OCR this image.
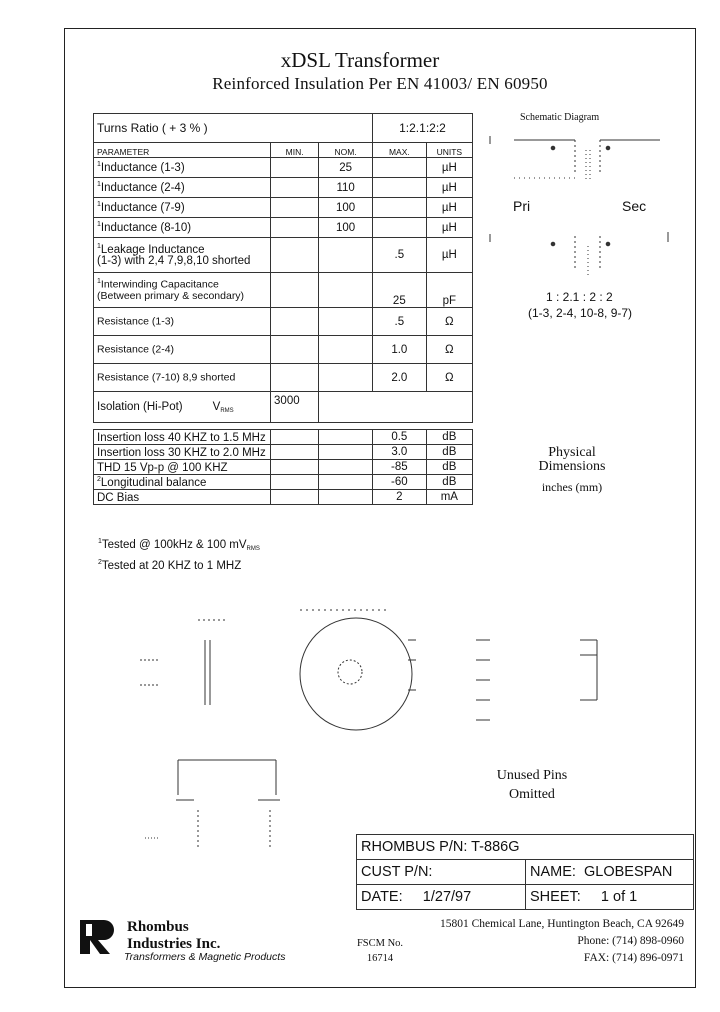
xDSL Transformer
Reinforced Insulation Per EN 41003/ EN 60950
Turns Ratio ( + 3 % )			1:2.1:2:2	
PARAMETER	MIN.	NOM.	MAX.	UNITS
$^1$Inductance (1-3)		25		µH
$^1$Inductance (2-4)		110		µH
$^1$Inductance (7-9)		100		µH
$^1$Inductance (8-10)		100		µH
$^1$Leakage Inductance
(1-3) with 2,4 7,9,8,10 shorted			.5	µH
$^1$Interwinding Capacitance
(Between primary & secondary)			25	pF
Resistance (1-3)			.5	Ω
Resistance (2-4)			1.0	Ω
Resistance (7-10) 8,9 shorted			2.0	Ω
Isolation (Hi-Pot) $V_{RMS}$	3000			

Insertion loss 40 KHZ to 1.5 MHz			0.5	dB
Insertion loss 30 KHZ to 2.0 MHz			3.0	dB
THD 15 Vp-p @ 100 KHZ			-85	dB
$^2$Longitudinal balance			-60	dB
DC Bias			2	mA
$^1$Tested @ 100kHz & 100 $mV_{RMS}$
$^2$Tested at 20 KHZ to 1 MHZ
Schematic Diagram
Pri	Sec
1 : 2.1 : 2 : 2
(1-3, 2-4, 10-8, 9-7)
Physical Dimensions
inches (mm)
Unused Pins Omitted
RHOMBUS P/N: T-886G	
CUST P/N:	NAME: GLOBESPAN
DATE: 1/27/97	SHEET: 1 of 1
Rhombus
Industries Inc.
Transformers & Magnetic Products
FSCM No.
16714
15801 Chemical Lane, Huntington Beach, CA 92649
Phone: (714) 898-0960
FAX: (714) 896-0971
